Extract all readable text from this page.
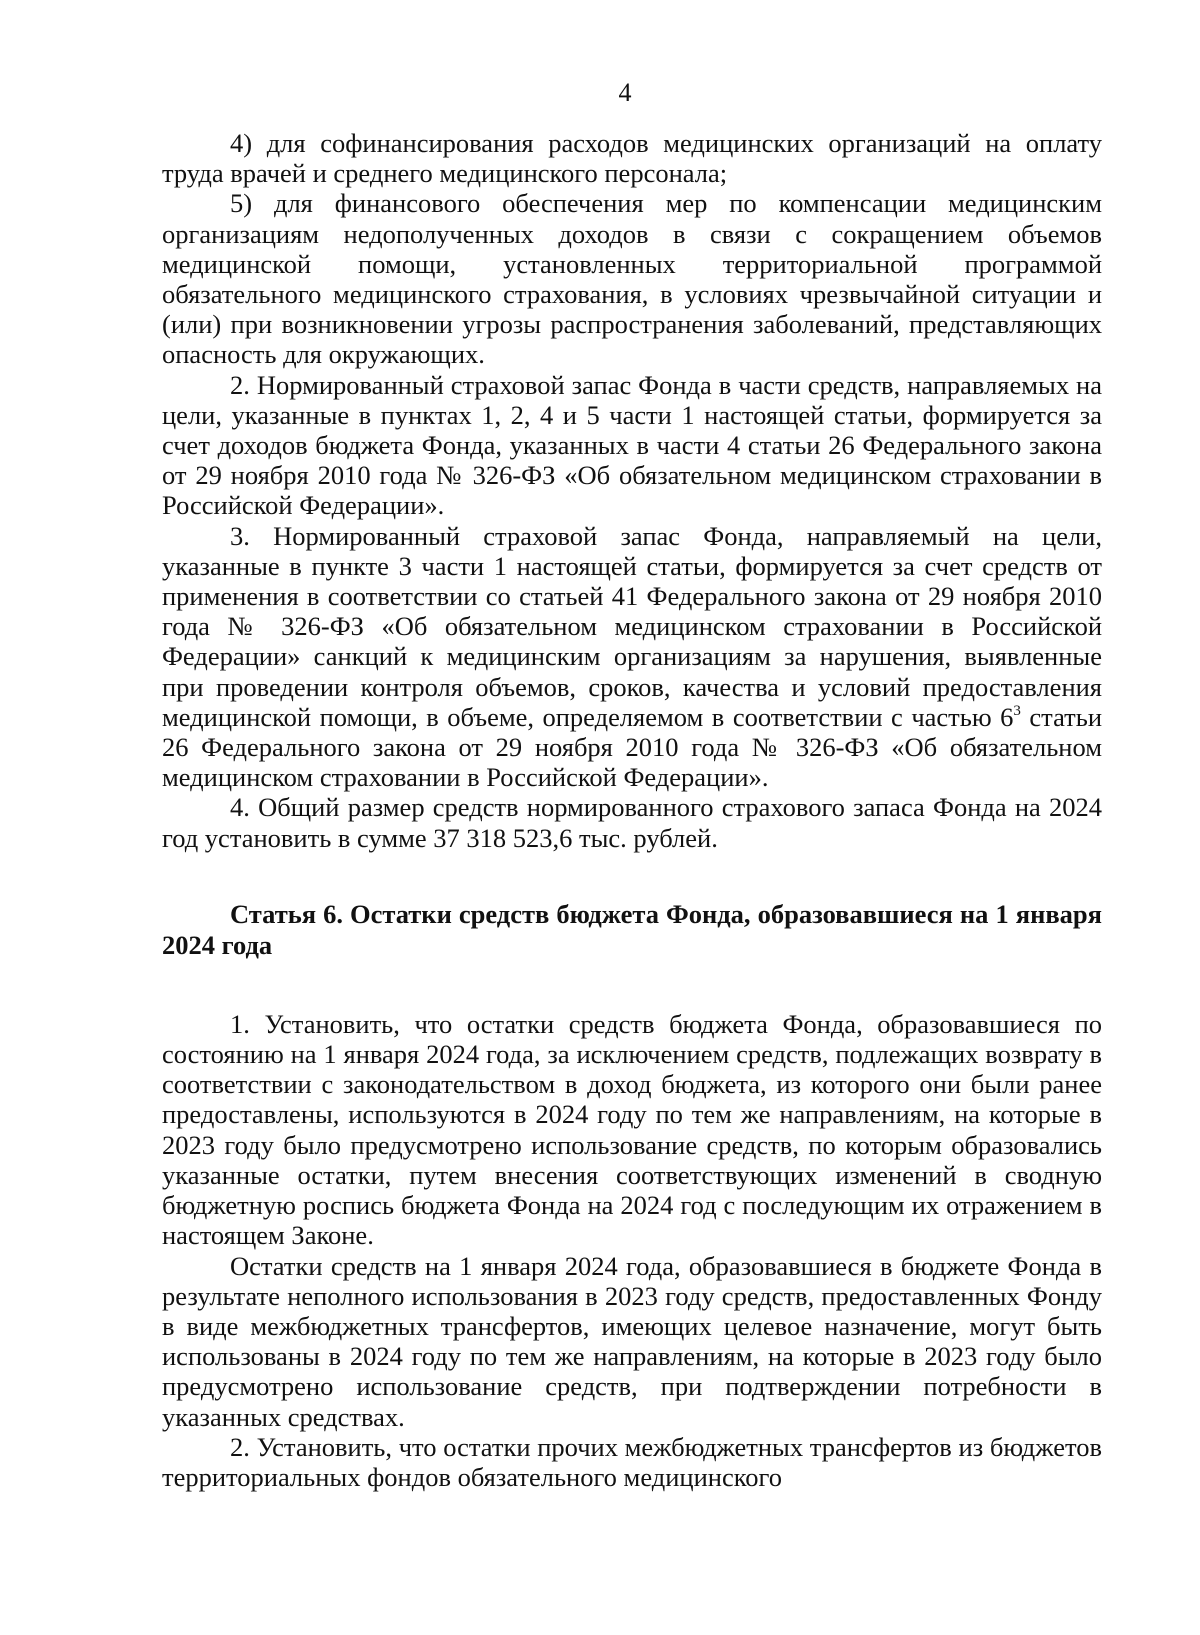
4

4) для софинансирования расходов медицинских организаций на оплату труда врачей и среднего медицинского персонала;

5) для финансового обеспечения мер по компенсации медицинским организациям недополученных доходов в связи с сокращением объемов медицинской помощи, установленных территориальной программой обязательного медицинского страхования, в условиях чрезвычайной ситуации и (или) при возникновении угрозы распространения заболеваний, представляющих опасность для окружающих.

2. Нормированный страховой запас Фонда в части средств, направляемых на цели, указанные в пунктах 1, 2, 4 и 5 части 1 настоящей статьи, формируется за счет доходов бюджета Фонда, указанных в части 4 статьи 26 Федерального закона от 29 ноября 2010 года № 326-ФЗ «Об обязательном медицинском страховании в Российской Федерации».

3. Нормированный страховой запас Фонда, направляемый на цели, указанные в пункте 3 части 1 настоящей статьи, формируется за счет средств от применения в соответствии со статьей 41 Федерального закона от 29 ноября 2010 года № 326-ФЗ «Об обязательном медицинском страховании в Российской Федерации» санкций к медицинским организациям за нарушения, выявленные при проведении контроля объемов, сроков, качества и условий предоставления медицинской помощи, в объеме, определяемом в соответствии с частью $6^3$ статьи 26 Федерального закона от 29 ноября 2010 года № 326-ФЗ «Об обязательном медицинском страховании в Российской Федерации».

4. Общий размер средств нормированного страхового запаса Фонда на 2024 год установить в сумме 37 318 523,6 тыс. рублей.

Статья 6. Остатки средств бюджета Фонда, образовавшиеся на 1 января 2024 года

1. Установить, что остатки средств бюджета Фонда, образовавшиеся по состоянию на 1 января 2024 года, за исключением средств, подлежащих возврату в соответствии с законодательством в доход бюджета, из которого они были ранее предоставлены, используются в 2024 году по тем же направлениям, на которые в 2023 году было предусмотрено использование средств, по которым образовались указанные остатки, путем внесения соответствующих изменений в сводную бюджетную роспись бюджета Фонда на 2024 год с последующим их отражением в настоящем Законе.

Остатки средств на 1 января 2024 года, образовавшиеся в бюджете Фонда в результате неполного использования в 2023 году средств, предоставленных Фонду в виде межбюджетных трансфертов, имеющих целевое назначение, могут быть использованы в 2024 году по тем же направлениям, на которые в 2023 году было предусмотрено использование средств, при подтверждении потребности в указанных средствах.

2. Установить, что остатки прочих межбюджетных трансфертов из бюджетов территориальных фондов обязательного медицинского
